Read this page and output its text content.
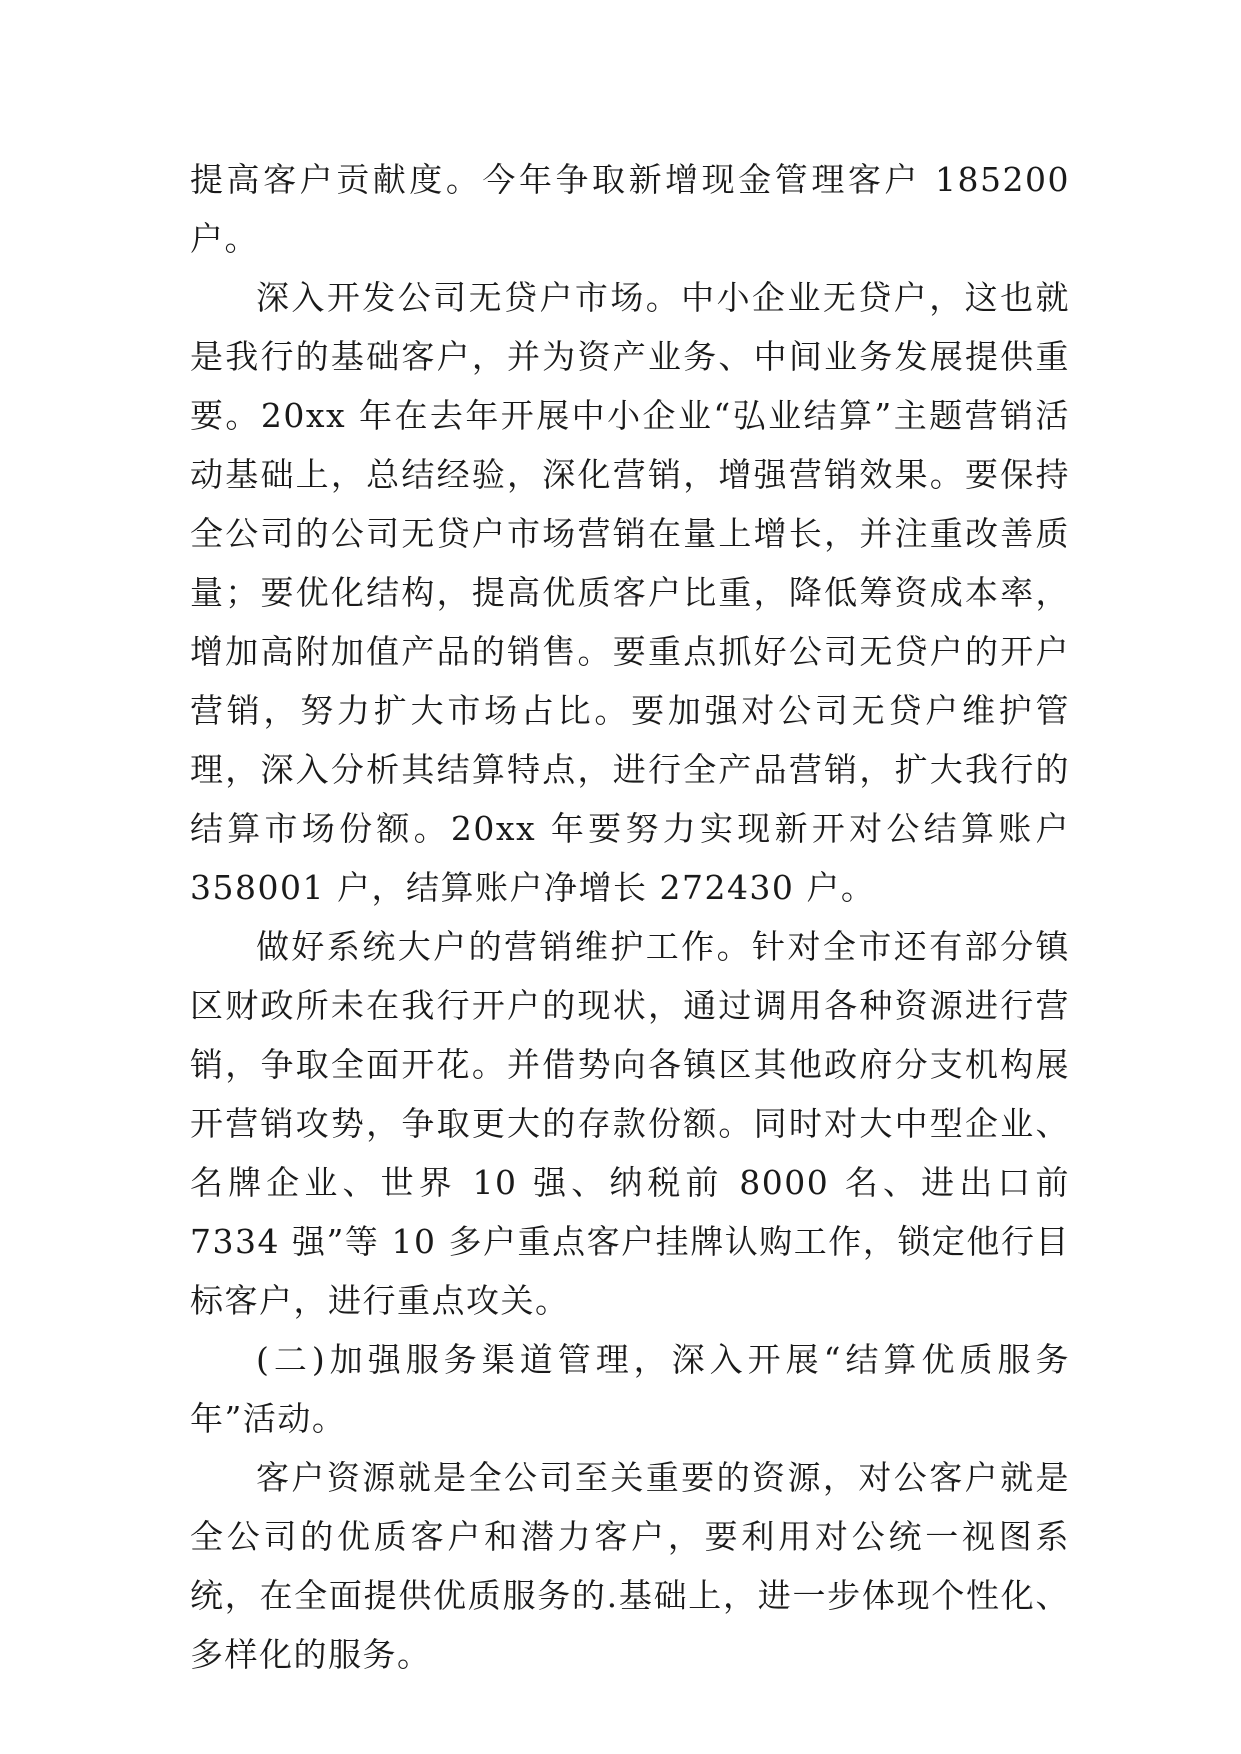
提高客户贡献度。今年争取新增现金管理客户 185200 户。

深入开发公司无贷户市场。中小企业无贷户，这也就是我行的基础客户，并为资产业务、中间业务发展提供重要。20xx 年在去年开展中小企业“弘业结算”主题营销活动基础上，总结经验，深化营销，增强营销效果。要保持全公司的公司无贷户市场营销在量上增长，并注重改善质量；要优化结构，提高优质客户比重，降低筹资成本率，增加高附加值产品的销售。要重点抓好公司无贷户的开户营销，努力扩大市场占比。要加强对公司无贷户维护管理，深入分析其结算特点，进行全产品营销，扩大我行的结算市场份额。20xx 年要努力实现新开对公结算账户 358001 户，结算账户净增长 272430 户。

做好系统大户的营销维护工作。针对全市还有部分镇区财政所未在我行开户的现状，通过调用各种资源进行营销，争取全面开花。并借势向各镇区其他政府分支机构展开营销攻势，争取更大的存款份额。同时对大中型企业、名牌企业、世界 10 强、纳税前 8000 名、进出口前 7334 强”等 10 多户重点客户挂牌认购工作，锁定他行目标客户，进行重点攻关。

(二)加强服务渠道管理，深入开展“结算优质服务年”活动。

客户资源就是全公司至关重要的资源，对公客户就是全公司的优质客户和潜力客户，要利用对公统一视图系统，在全面提供优质服务的.基础上，进一步体现个性化、多样化的服务。
